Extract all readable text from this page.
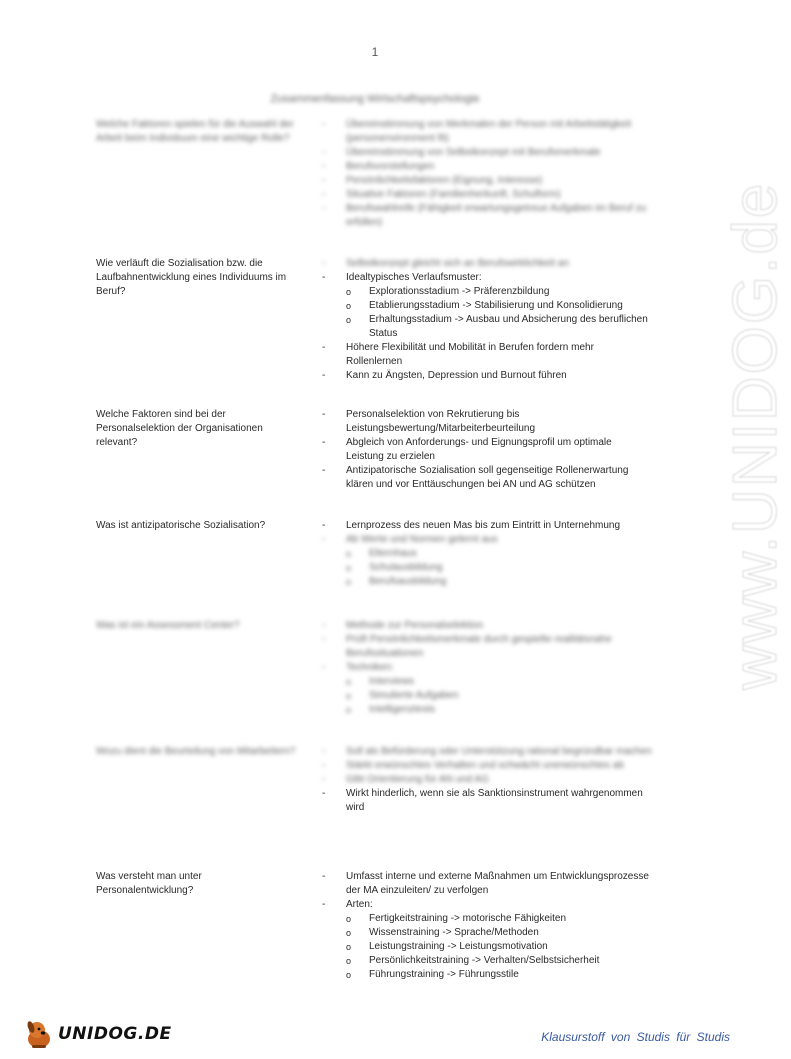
1
Zusammenfassung Wirtschaftspsychologie
Welche Faktoren spielen für die Auswahl der Arbeit beim Individuum eine wichtige Rolle?
- Übereinstimmung von Merkmalen der Person mit Arbeitstätigkeit (personenvironment fit)
- Übereinstimmung von Selbstkonzept mit Berufsmerkmale
- Berufsvorstellungen
- Persönlichkeitsfaktoren (Eignung, Interesse)
- Situative Faktoren (Familienherkunft, Schulform)
- Berufswahlreife (Fähigkeit erwartungsgetreue Aufgaben im Beruf zu erfüllen)
Wie verläuft die Sozialisation bzw. die Laufbahnentwicklung eines Individuums im Beruf?
- Selbstkonzept gleicht sich an Berufswirklichkeit an
- Idealtypisches Verlaufsmuster:
o Explorationsstadium -> Präferenzbildung
o Etablierungsstadium -> Stabilisierung und Konsolidierung
o Erhaltungsstadium -> Ausbau und Absicherung des beruflichen Status
- Höhere Flexibilität und Mobilität in Berufen fordern mehr Rollenlernen
- Kann zu Ängsten, Depression und Burnout führen
Welche Faktoren sind bei der Personalselektion der Organisationen relevant?
- Personalselektion von Rekrutierung bis Leistungsbewertung/Mitarbeiterbeurteilung
- Abgleich von Anforderungs- und Eignungsprofil um optimale Leistung zu erzielen
- Antizipatorische Sozialisation soll gegenseitige Rollenerwartung klären und vor Enttäuschungen bei AN und AG schützen
Was ist antizipatorische Sozialisation?	- Lernprozess des neuen Mas bis zum Eintritt in Unternehmung
- Ab Werte und Normen gelernt aus
o Elternhaus
o Schulausbildung
o Berufsausbildung
Was ist ein Assessment Center?	- Methode zur Personalselektion
- Prüft Persönlichkeitsmerkmale durch gespielte realitätsnahe Berufssituationen
- Techniken:
o Interviews
o Simulierte Aufgaben
o Intelligenztests
Wozu dient die Beurteilung von Mitarbeitern?	- Soll als Befürderung oder Unterstützung rational begründbar machen
- Stärkt erwünschtes Verhalten und schwächt unerwünschtes ab
- Gibt Orientierung für AN und AG
- Wirkt hinderlich, wenn sie als Sanktionsinstrument wahrgenommen wird
Was versteht man unter Personalentwicklung?
- Umfasst interne und externe Maßnahmen um Entwicklungsprozesse der MA einzuleiten/ zu verfolgen
- Arten:
o Fertigkeitstraining -> motorische Fähigkeiten
o Wissenstraining -> Sprache/Methoden
o Leistungstraining -> Leistungsmotivation
o Persönlichkeitstraining -> Verhalten/Selbstsicherheit
o Führungstraining -> Führungsstile
www.UNIDOG.de
UNIDOG.DE	Klausurstoff von Studis für Studis
